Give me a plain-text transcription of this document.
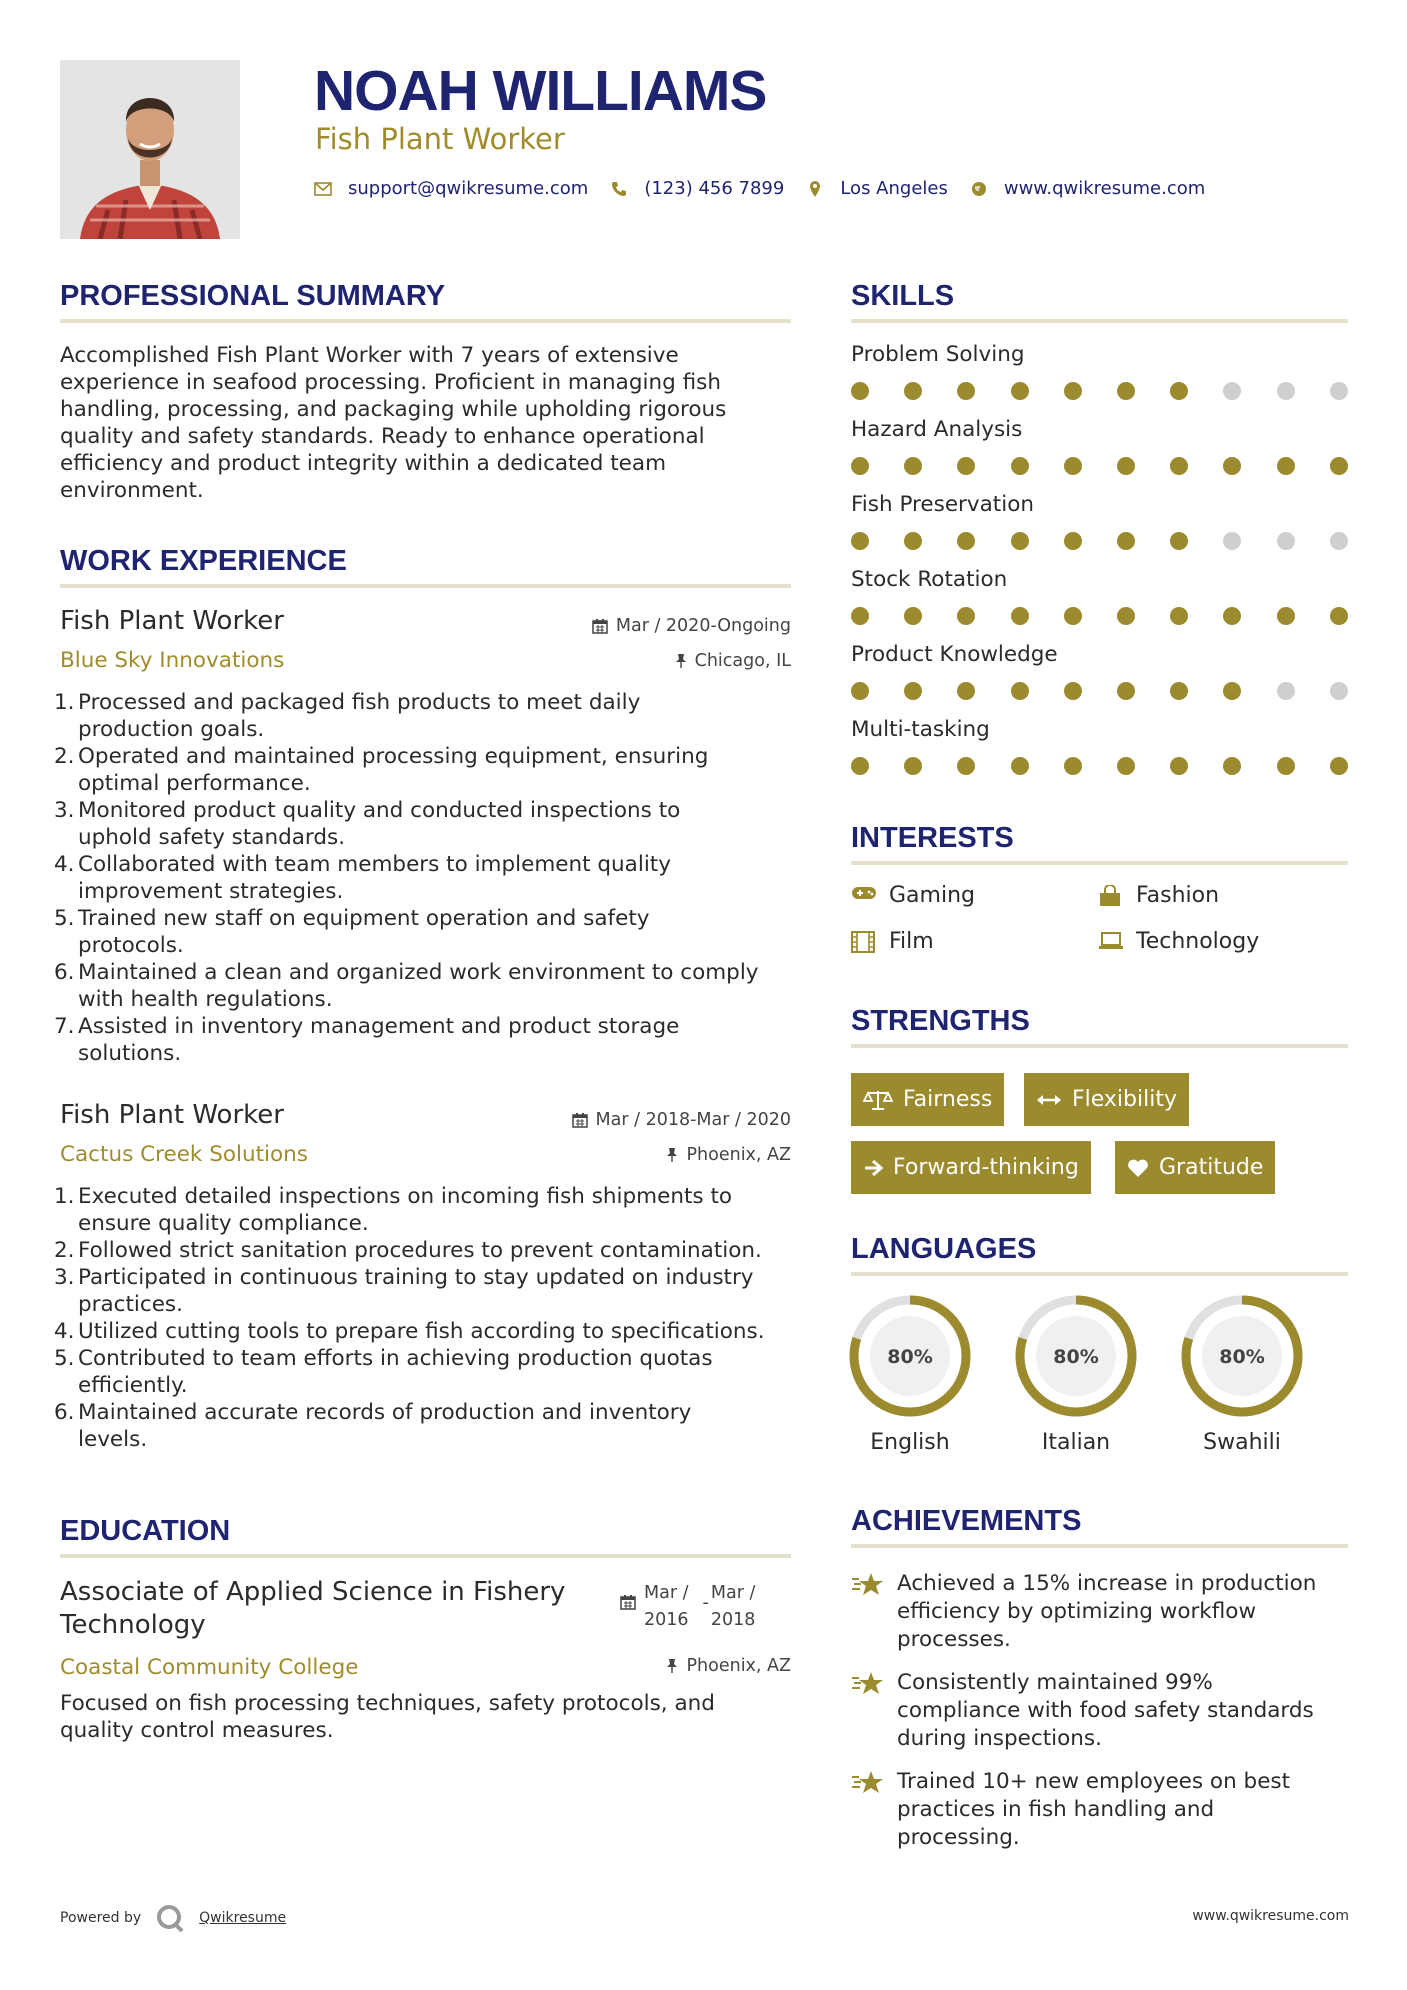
NOAH WILLIAMS
Fish Plant Worker
support@qwikresume.com	(123) 456 7899	Los Angeles	www.qwikresume.com
PROFESSIONAL SUMMARY
Accomplished Fish Plant Worker with 7 years of extensive
experience in seafood processing. Proficient in managing fish
handling, processing, and packaging while upholding rigorous
quality and safety standards. Ready to enhance operational
efficiency and product integrity within a dedicated team
environment.
WORK EXPERIENCE
Fish Plant Worker
Blue Sky Innovations
Mar / 2020-Ongoing
Chicago, IL
1. Processed and packaged fish products to meet daily
production goals.
2. Operated and maintained processing equipment, ensuring
optimal performance.
3. Monitored product quality and conducted inspections to
uphold safety standards.
4. Collaborated with team members to implement quality
improvement strategies.
5. Trained new staff on equipment operation and safety
protocols.
6. Maintained a clean and organized work environment to comply
with health regulations.
7. Assisted in inventory management and product storage
solutions.
Fish Plant Worker
Cactus Creek Solutions
Mar / 2018-Mar / 2020
Phoenix, AZ
1. Executed detailed inspections on incoming fish shipments to
ensure quality compliance.
2. Followed strict sanitation procedures to prevent contamination.
3. Participated in continuous training to stay updated on industry
practices.
4. Utilized cutting tools to prepare fish according to specifications.
5. Contributed to team efforts in achieving production quotas
efficiently.
6. Maintained accurate records of production and inventory
levels.
EDUCATION
Associate of Applied Science in Fishery
Technology
Mar /
2016
- Mar /
2018
Coastal Community College	Phoenix, AZ
Focused on fish processing techniques, safety protocols, and
quality control measures.
SKILLS
Problem Solving
Hazard Analysis
Fish Preservation
Stock Rotation
Product Knowledge
Multi-tasking
INTERESTS
Gaming	Fashion
Film	Technology
STRENGTHS
Fairness	Flexibility
Forward-thinking	Gratitude
LANGUAGES
80%
English
80%
Italian
80%
Swahili
ACHIEVEMENTS
Achieved a 15% increase in production
efficiency by optimizing workflow
processes.
Consistently maintained 99%
compliance with food safety standards
during inspections.
Trained 10+ new employees on best
practices in fish handling and
processing.
Powered by	Qwikresume	www.qwikresume.com
